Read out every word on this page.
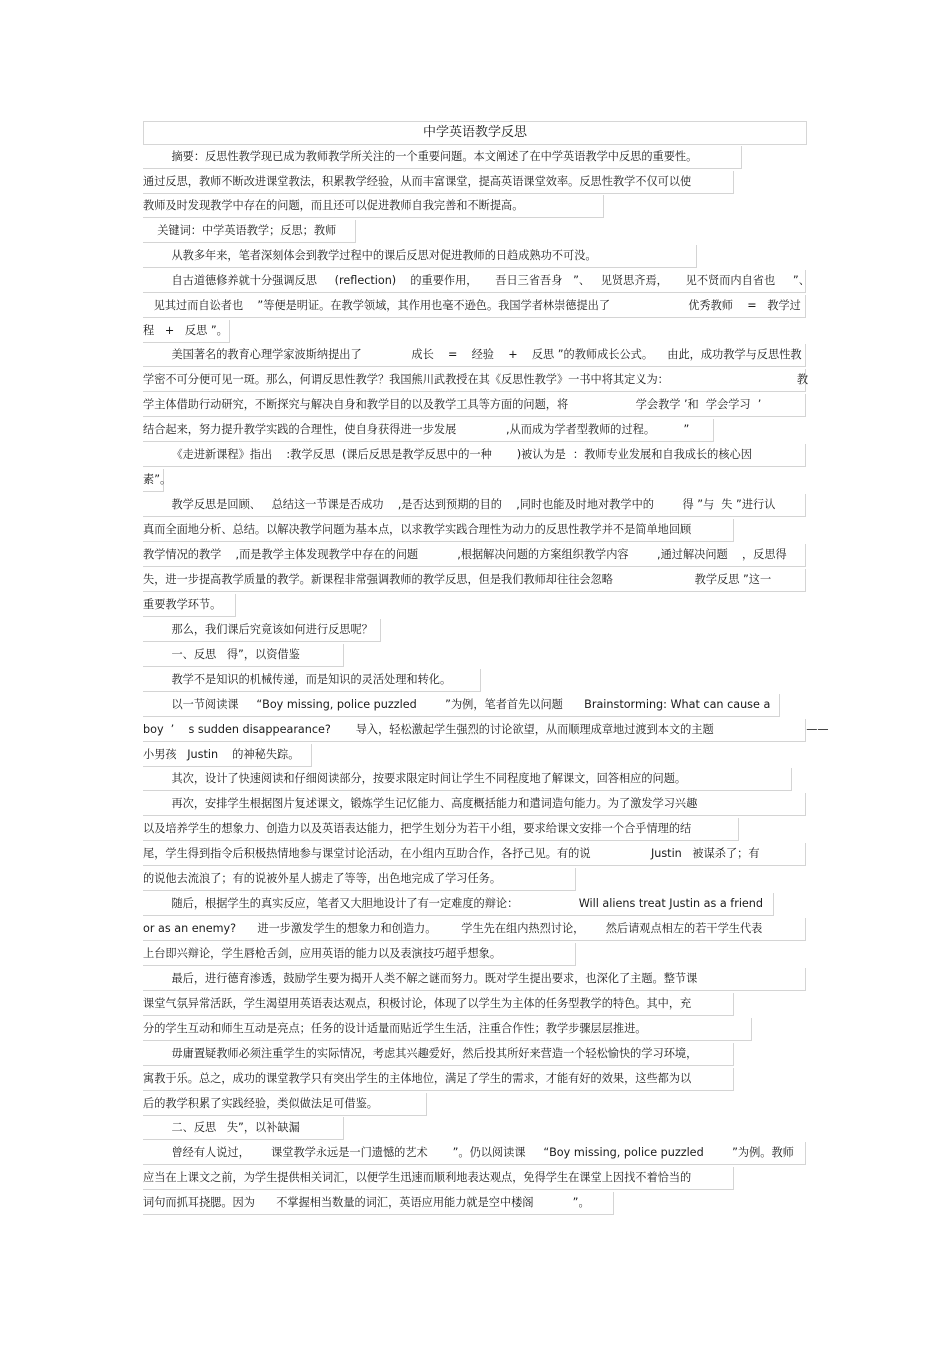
中学英语教学反思
摘要：反思性教学现已成为教师教学所关注的一个重要问题。本文阐述了在中学英语教学中反思的重要性。
通过反思，教师不断改进课堂教法，积累教学经验，从而丰富课堂，提高英语课堂效率。反思性教学不仅可以使
教师及时发现教学中存在的问题，而且还可以促进教师自我完善和不断提高。
关键词：中学英语教学；反思；教师
从教多年来，笔者深刻体会到教学过程中的课后反思对促进教师的日趋成熟功不可没。
自古道德修养就十分强调反思     (reflection)    的重要作用，     吾日三省吾身   ”、   见贤思齐焉，     见不贤而内自省也     ”、
见其过而自讼者也    ”等便是明证。在教学领域，其作用也毫不逊色。我国学者林崇德提出了                      优秀教师    =   教学过
程   +   反思 ”。
美国著名的教育心理学家波斯纳提出了              成长    =    经验    +    反思 ”的教师成长公式。    由此，成功教学与反思性教
学密不可分便可见一斑。那么，何谓反思性教学？我国熊川武教授在其《反思性教学》一书中将其定义为：                                    教
学主体借助行动研究，不断探究与解决自身和教学目的以及教学工具等方面的问题，将                   学会教学 ’和  学会学习  ’
结合起来，努力提升教学实践的合理性，使自身获得进一步发展              ,从而成为学者型教师的过程。        ”
《走进新课程》指出    :教学反思  (课后反思是教学反思中的一种       )被认为是  ：教师专业发展和自我成长的核心因
素”。
教学反思是回顾、   总结这一节课是否成功    ,是否达到预期的目的    ,同时也能及时地对教学中的        得 ”与  失 ”进行认
真而全面地分析、总结。以解决教学问题为基本点，以求教学实践合理性为动力的反思性教学并不是简单地回顾
教学情况的教学    ,而是教学主体发现教学中存在的问题           ,根据解决问题的方案组织教学内容        ,通过解决问题    ，反思得
失，进一步提高教学质量的教学。新课程非常强调教师的教学反思，但是我们教师却往往会忽略                       教学反思 ”这一
重要教学环节。
那么，我们课后究竟该如何进行反思呢？
一、反思   得”，以资借鉴
教学不是知识的机械传递，而是知识的灵活处理和转化。
以一节阅读课     “Boy missing, police puzzled        ”为例，笔者首先以问题      Brainstorming: What can cause a
boy  ’    s sudden disappearance?       导入，轻松激起学生强烈的讨论欲望，从而顺理成章地过渡到本文的主题                          ——
小男孩   Justin    的神秘失踪。
其次，设计了快速阅读和仔细阅读部分，按要求限定时间让学生不同程度地了解课文，回答相应的问题。
再次，安排学生根据图片复述课文，锻炼学生记忆能力、高度概括能力和遣词造句能力。为了激发学习兴趣
以及培养学生的想象力、创造力以及英语表达能力，把学生划分为若干小组，要求给课文安排一个合乎情理的结
尾，学生得到指令后积极热情地参与课堂讨论活动，在小组内互助合作，各抒己见。有的说                 Justin   被谋杀了；有
的说他去流浪了；有的说被外星人掳走了等等，出色地完成了学习任务。
随后，根据学生的真实反应，笔者又大胆地设计了有一定难度的辩论：                 Will aliens treat Justin as a friend
or as an enemy?      进一步激发学生的想象力和创造力。       学生先在组内热烈讨论，      然后请观点相左的若干学生代表
上台即兴辩论，学生唇枪舌剑，应用英语的能力以及表演技巧超乎想象。
最后，进行德育渗透，鼓励学生要为揭开人类不解之谜而努力。既对学生提出要求，也深化了主题。整节课
课堂气氛异常活跃，学生渴望用英语表达观点，积极讨论，体现了以学生为主体的任务型教学的特色。其中，充
分的学生互动和师生互动是亮点；任务的设计适量而贴近学生生活，注重合作性；教学步骤层层推进。
毋庸置疑教师必须注重学生的实际情况，考虑其兴趣爱好，然后投其所好来营造一个轻松愉快的学习环境，
寓教于乐。总之，成功的课堂教学只有突出学生的主体地位，满足了学生的需求，才能有好的效果，这些都为以
后的教学积累了实践经验，类似做法足可借鉴。
二、反思   失”，以补缺漏
曾经有人说过，      课堂教学永远是一门遗憾的艺术       ”。仍以阅读课     “Boy missing, police puzzled        ”为例。教师
应当在上课文之前，为学生提供相关词汇，以便学生迅速而顺利地表达观点，免得学生在课堂上因找不着恰当的
词句而抓耳挠腮。因为      不掌握相当数量的词汇，英语应用能力就是空中楼阁           ”。
